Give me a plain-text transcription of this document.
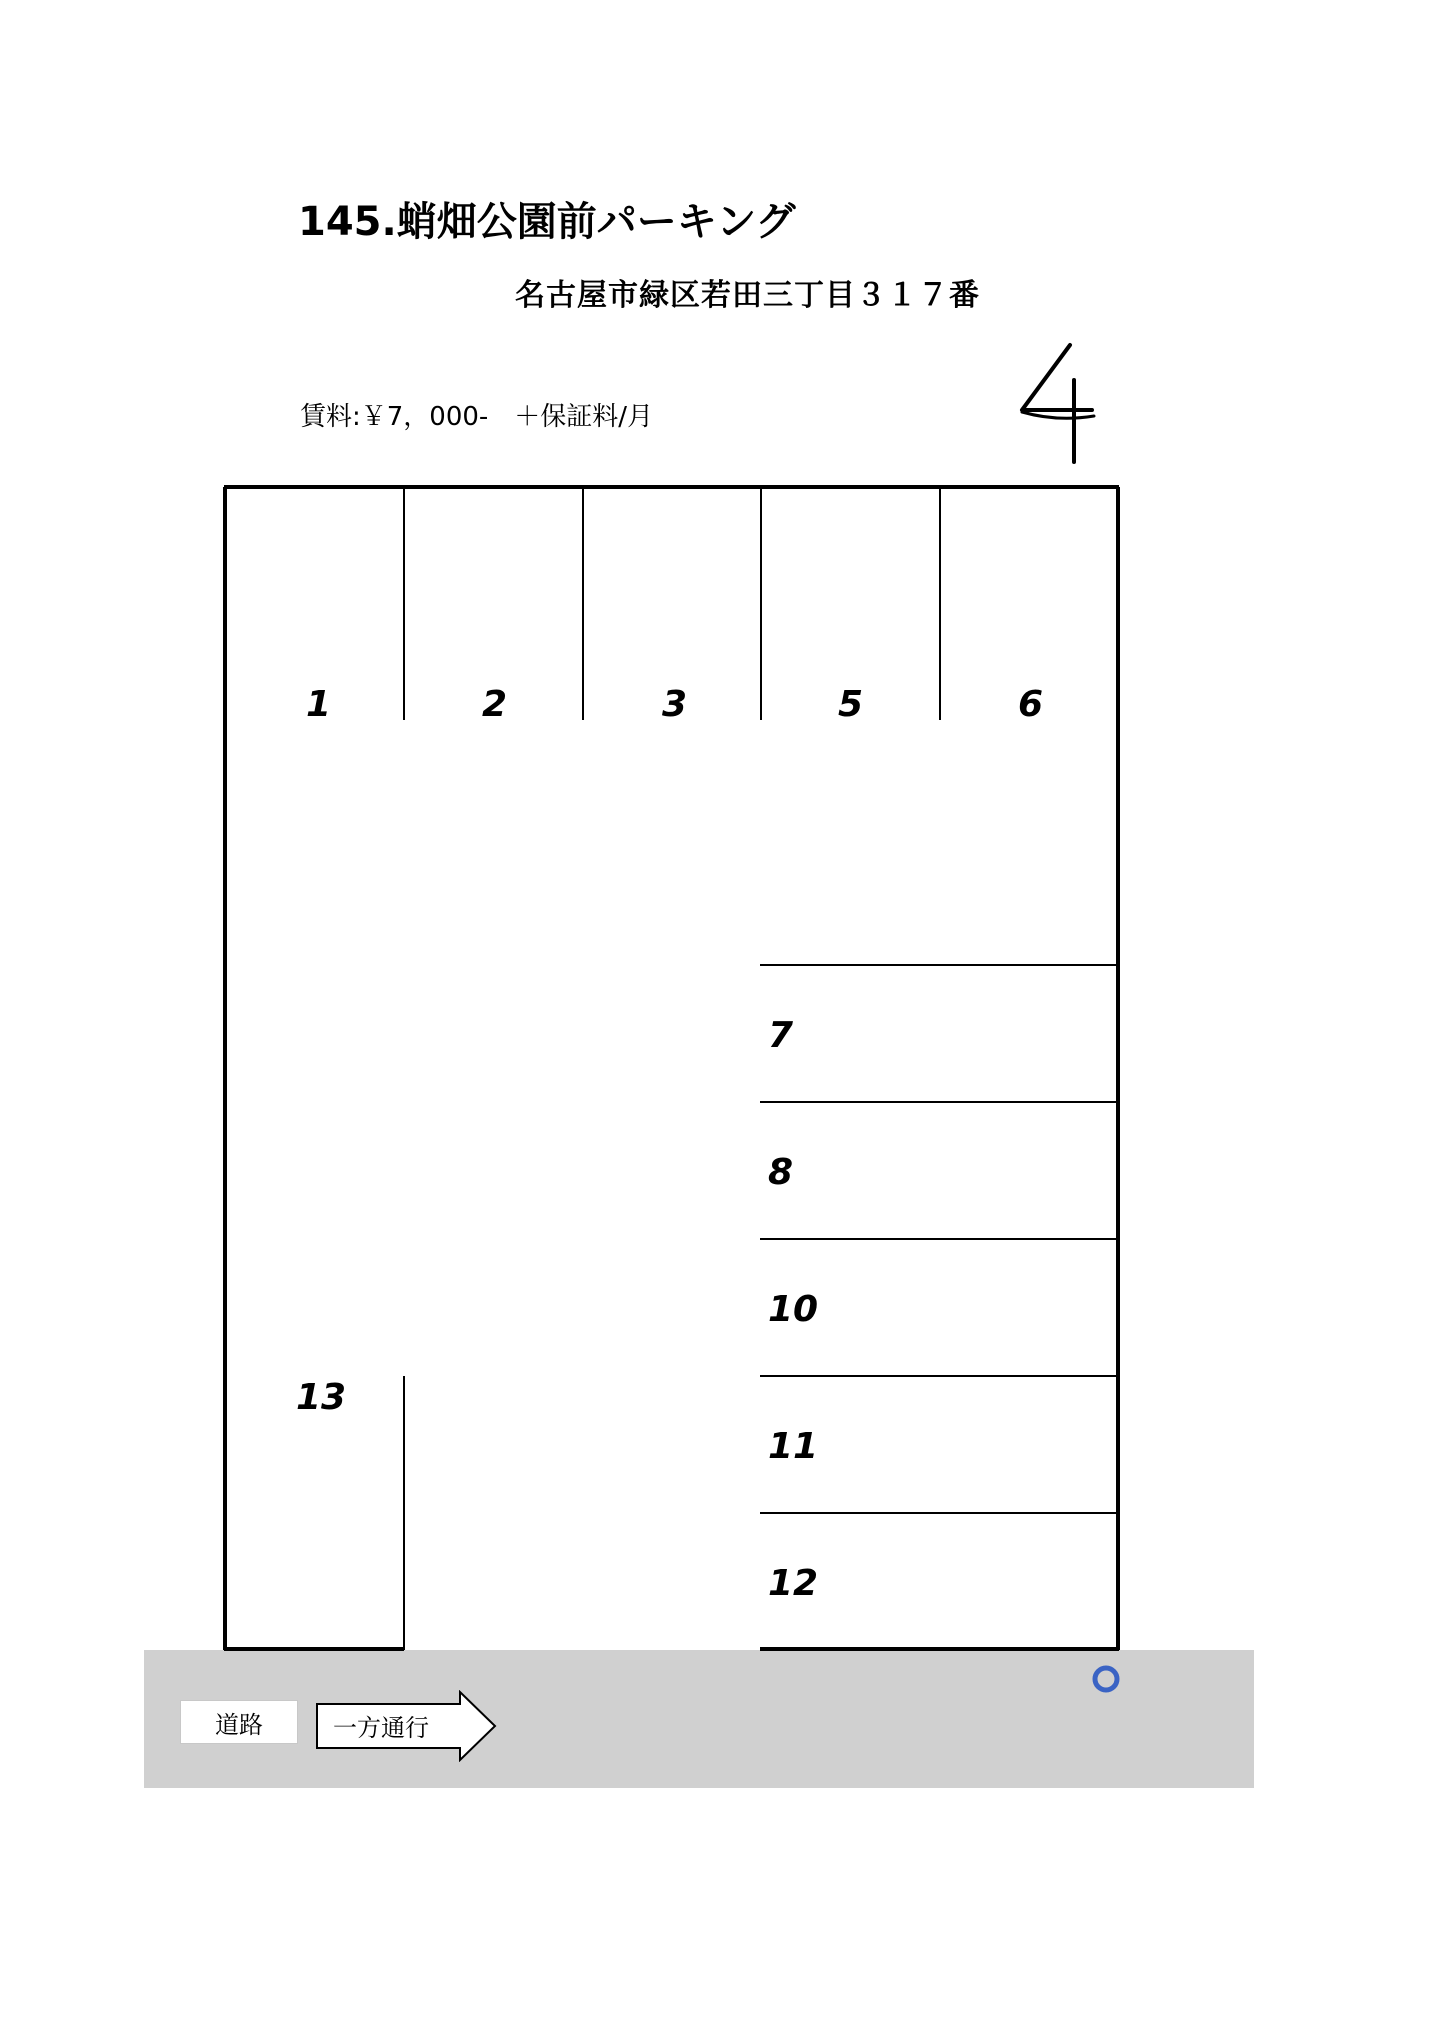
145.蛸畑公園前パーキング
名古屋市緑区若田三丁目３１７番
賃料:￥7，000-　＋保証料/月
1	2	3	5	6
7
8
10
11
12
13
道路	一方通行
